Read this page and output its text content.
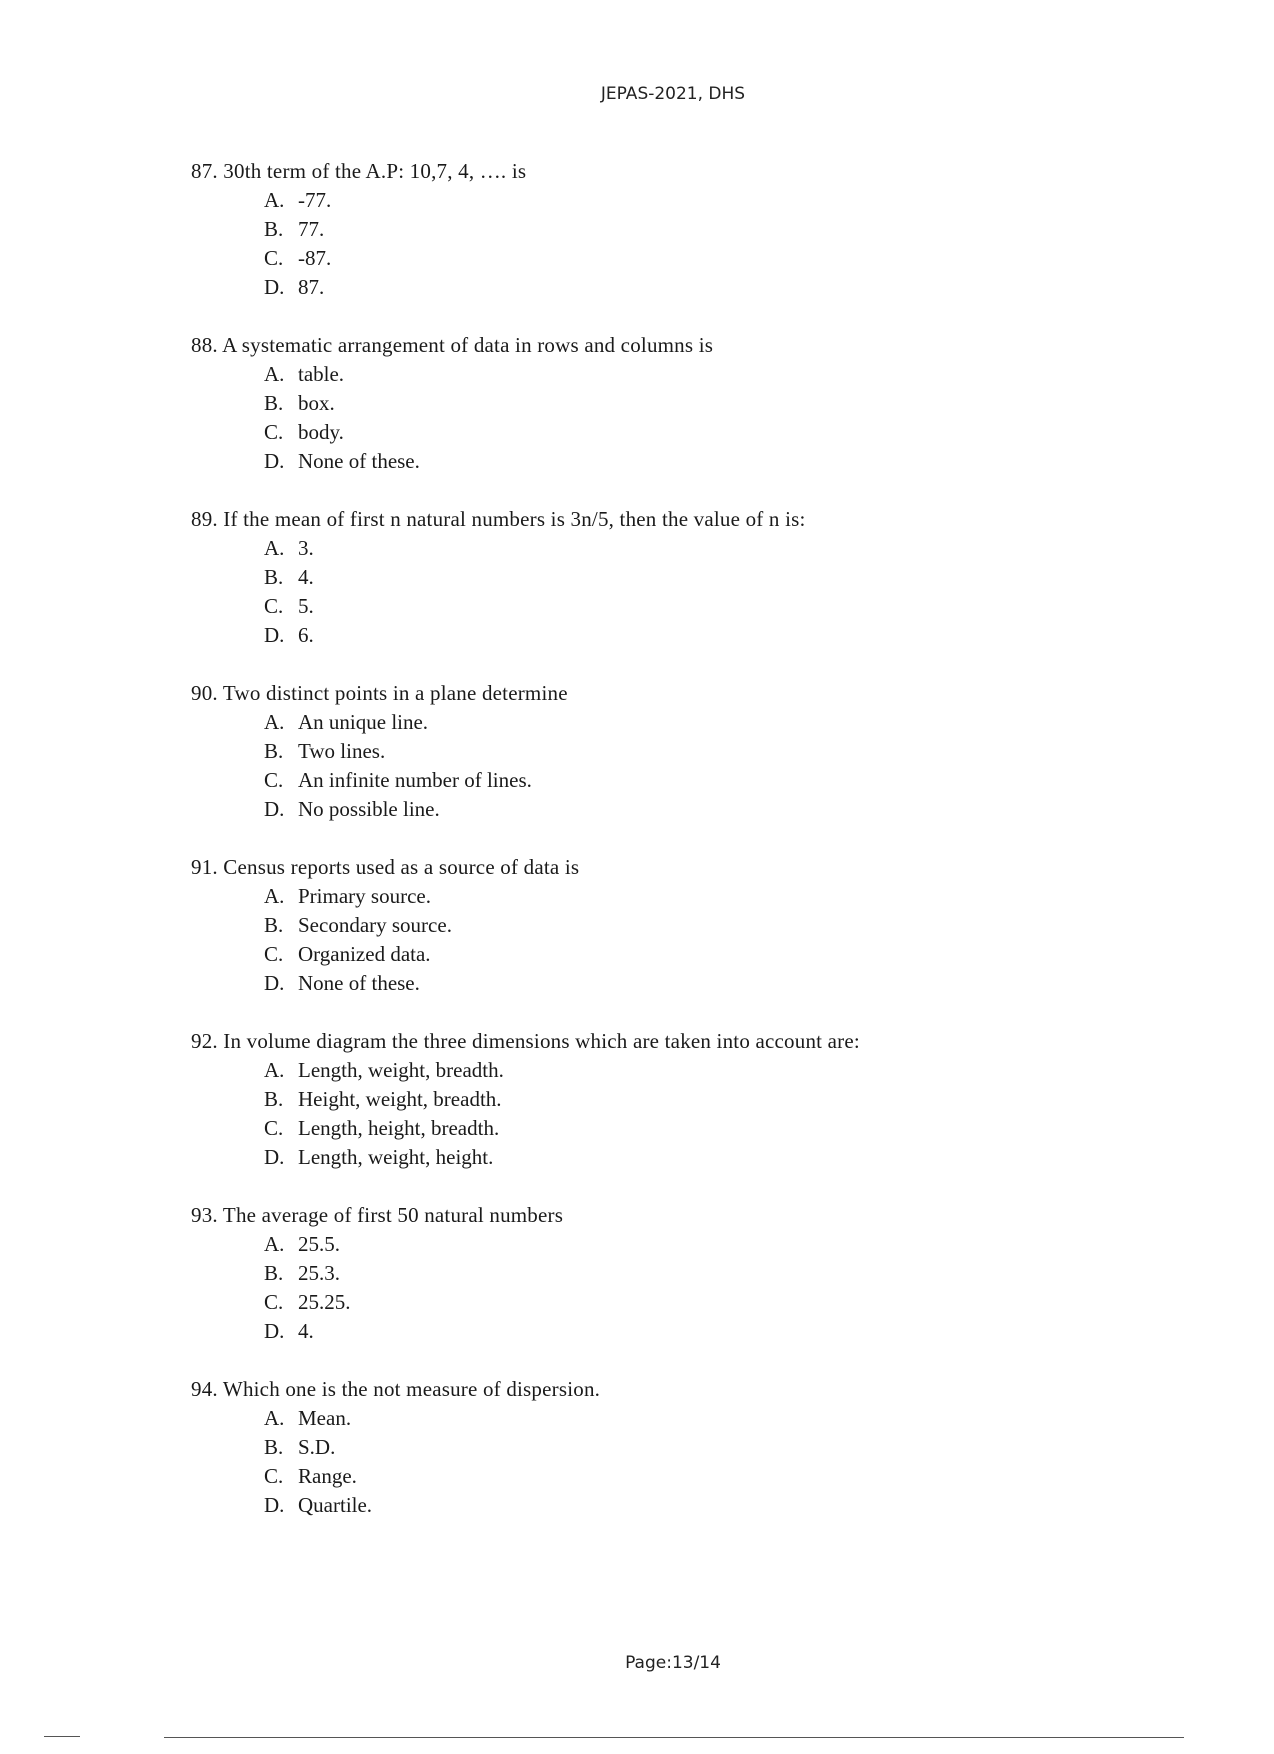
JEPAS-2021, DHS
87. 30th term of the A.P: 10,7, 4, …. is
A. -77.
B. 77.
C. -87.
D. 87.
88. A systematic arrangement of data in rows and columns is
A. table.
B. box.
C. body.
D. None of these.
89. If the mean of first n natural numbers is 3n/5, then the value of n is:
A. 3.
B. 4.
C. 5.
D. 6.
90. Two distinct points in a plane determine
A. An unique line.
B. Two lines.
C. An infinite number of lines.
D. No possible line.
91. Census reports used as a source of data is
A. Primary source.
B. Secondary source.
C. Organized data.
D. None of these.
92. In volume diagram the three dimensions which are taken into account are:
A. Length, weight, breadth.
B. Height, weight, breadth.
C. Length, height, breadth.
D. Length, weight, height.
93. The average of first 50 natural numbers
A. 25.5.
B. 25.3.
C. 25.25.
D. 4.
94. Which one is the not measure of dispersion.
A. Mean.
B. S.D.
C. Range.
D. Quartile.
Page:13/14
